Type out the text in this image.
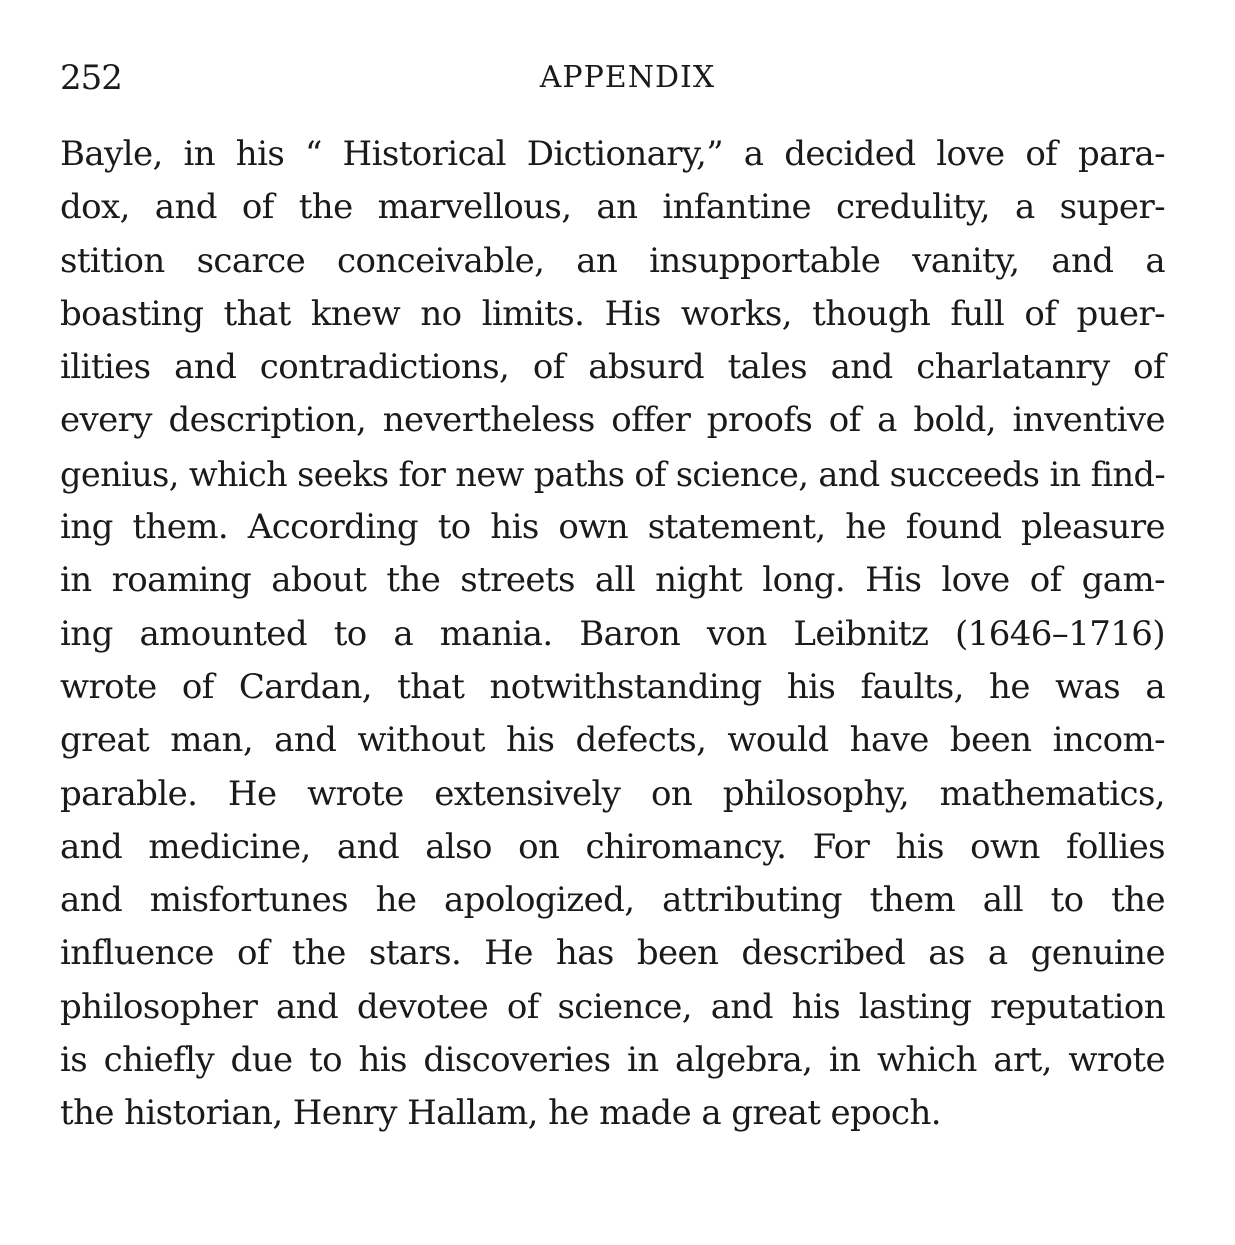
252	APPENDIX

Bayle, in his “ Historical Dictionary,” a decided love of para-
dox, and of the marvellous, an infantine credulity, a super-
stition scarce conceivable, an insupportable vanity, and a
boasting that knew no limits. His works, though full of puer-
ilities and contradictions, of absurd tales and charlatanry of
every description, nevertheless offer proofs of a bold, inventive
genius, which seeks for new paths of science, and succeeds in find-
ing them. According to his own statement, he found pleasure
in roaming about the streets all night long. His love of gam-
ing amounted to a mania. Baron von Leibnitz (1646–1716)
wrote of Cardan, that notwithstanding his faults, he was a
great man, and without his defects, would have been incom-
parable. He wrote extensively on philosophy, mathematics,
and medicine, and also on chiromancy. For his own follies
and misfortunes he apologized, attributing them all to the
influence of the stars. He has been described as a genuine
philosopher and devotee of science, and his lasting reputation
is chiefly due to his discoveries in algebra, in which art, wrote
the historian, Henry Hallam, he made a great epoch.
